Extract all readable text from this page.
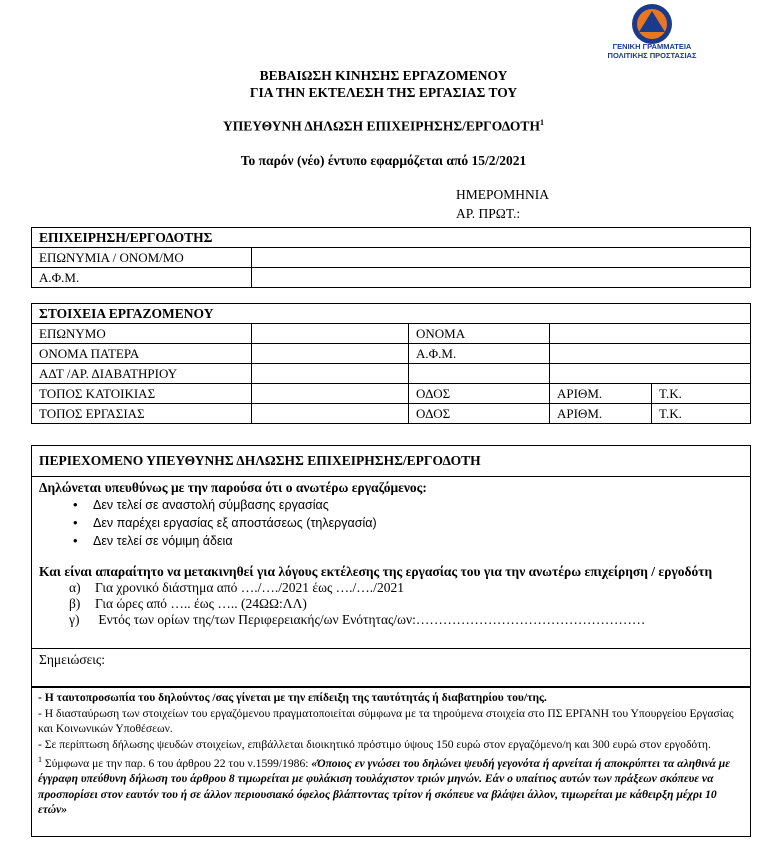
ΓΕΝΙΚΗ ΓΡΑΜΜΑΤΕΙΑ
ΠΟΛΙΤΙΚΗΣ ΠΡΟΣΤΑΣΙΑΣ
ΒΕΒΑΙΩΣΗ ΚΙΝΗΣΗΣ ΕΡΓΑΖΟΜΕΝΟΥ
ΓΙΑ ΤΗΝ ΕΚΤΕΛΕΣΗ ΤΗΣ ΕΡΓΑΣΙΑΣ ΤΟΥ
ΥΠΕΥΘΥΝΗ ΔΗΛΩΣΗ ΕΠΙΧΕΙΡΗΣΗΣ/ΕΡΓΟΔΟΤΗ$^1$
Το παρόν (νέο) έντυπο εφαρμόζεται από 15/2/2021
ΗΜΕΡΟΜΗΝΙΑ
ΑΡ. ΠΡΩΤ.:
ΕΠΙΧΕΙΡΗΣΗ/ΕΡΓΟΔΟΤΗΣ	
ΕΠΩΝΥΜΙΑ / ΟΝΟΜ/ΜΟ	
Α.Φ.Μ.	
ΣΤΟΙΧΕΙΑ ΕΡΓΑΖΟΜΕΝΟΥ				
ΕΠΩΝΥΜΟ		ΟΝΟΜΑ		
ΟΝΟΜΑ ΠΑΤΕΡΑ		Α.Φ.Μ.		
ΑΔΤ /ΑΡ. ΔΙΑΒΑΤΗΡΙΟΥ				
ΤΟΠΟΣ ΚΑΤΟΙΚΙΑΣ		ΟΔΟΣ	ΑΡΙΘΜ.	Τ.Κ.
ΤΟΠΟΣ ΕΡΓΑΣΙΑΣ		ΟΔΟΣ	ΑΡΙΘΜ.	Τ.Κ.
ΠΕΡΙΕΧΟΜΕΝΟ ΥΠΕΥΘΥΝΗΣ ΔΗΛΩΣΗΣ ΕΠΙΧΕΙΡΗΣΗΣ/ΕΡΓΟΔΟΤΗ
Δηλώνεται υπευθύνως με την παρούσα ότι ο ανωτέρω εργαζόμενος:
• Δεν τελεί σε αναστολή σύμβασης εργασίας
• Δεν παρέχει εργασίας εξ αποστάσεως (τηλεργασία)
• Δεν τελεί σε νόμιμη άδεια
Και είναι απαραίτητο να μετακινηθεί για λόγους εκτέλεσης της εργασίας του για την ανωτέρω επιχείρηση / εργοδότη
α) Για χρονικό διάστημα από …./…./2021 έως …./…./2021
β) Για ώρες από ….. έως ….. (24ΩΩ:ΛΛ)
γ) Εντός των ορίων της/των Περιφερειακής/ων Ενότητας/ων:……………………………………………
Σημειώσεις:
- Η ταυτοπροσωπία του δηλούντος /σας γίνεται με την επίδειξη της ταυτότητάς ή διαβατηρίου του/της.
- Η διασταύρωση των στοιχείων του εργαζόμενου πραγματοποιείται σύμφωνα με τα τηρούμενα στοιχεία στο ΠΣ ΕΡΓΑΝΗ του Υπουργείου Εργασίας και Κοινωνικών Υποθέσεων.
- Σε περίπτωση δήλωσης ψευδών στοιχείων, επιβάλλεται διοικητικό πρόστιμο ύψους 150 ευρώ στον εργαζόμενο/η και 300 ευρώ στον εργοδότη.
$^1$ Σύμφωνα με την παρ. 6 του άρθρου 22 του ν.1599/1986: «Όποιος εν γνώσει του δηλώνει ψευδή γεγονότα ή αρνείται ή αποκρύπτει τα αληθινά με έγγραφη υπεύθυνη δήλωση του άρθρου 8 τιμωρείται με φυλάκιση τουλάχιστον τριών μηνών. Εάν ο υπαίτιος αυτών των πράξεων σκόπευε να προσπορίσει στον εαυτόν του ή σε άλλον περιουσιακό όφελος βλάπτοντας τρίτον ή σκόπευε να βλάψει άλλον, τιμωρείται με κάθειρξη μέχρι 10 ετών»
